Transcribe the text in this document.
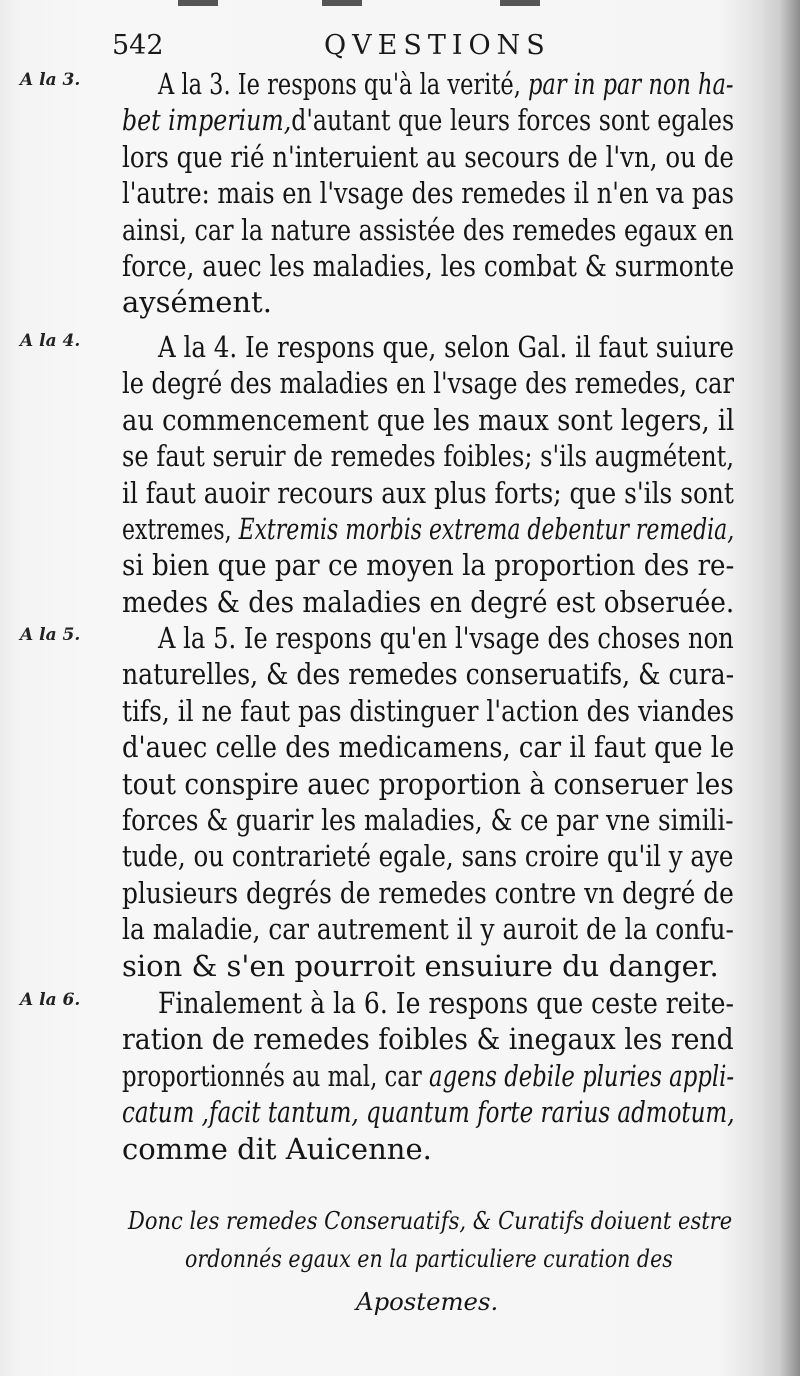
542	QVESTIONS
A la 3.
A la 4.
A la 5.
A la 6.
A la 3. Ie respons qu'à la verité, par in par non ha-
bet imperium,d'autant que leurs forces sont egales
lors que rié n'interuient au secours de l'vn, ou de
l'autre: mais en l'vsage des remedes il n'en va pas
ainsi, car la nature assistée des remedes egaux en
force, auec les maladies, les combat & surmonte
aysément.
A la 4. Ie respons que, selon Gal. il faut suiure
le degré des maladies en l'vsage des remedes, car
au commencement que les maux sont legers, il
se faut seruir de remedes foibles; s'ils augmétent,
il faut auoir recours aux plus forts; que s'ils sont
extremes, Extremis morbis extrema debentur remedia,
si bien que par ce moyen la proportion des re-
medes & des maladies en degré est obseruée.
A la 5. Ie respons qu'en l'vsage des choses non
naturelles, & des remedes conseruatifs, & cura-
tifs, il ne faut pas distinguer l'action des viandes
d'auec celle des medicamens, car il faut que le
tout conspire auec proportion à conseruer les
forces & guarir les maladies, & ce par vne simili-
tude, ou contrarieté egale, sans croire qu'il y aye
plusieurs degrés de remedes contre vn degré de
la maladie, car autrement il y auroit de la confu-
sion & s'en pourroit ensuiure du danger.
Finalement à la 6. Ie respons que ceste reite-
ration de remedes foibles & inegaux les rend
proportionnés au mal, car agens debile pluries appli-
catum ,facit tantum, quantum forte rarius admotum,
comme dit Auicenne.
Donc les remedes Conseruatifs, & Curatifs doiuent estre
ordonnés egaux en la particuliere curation des
Apostemes.
